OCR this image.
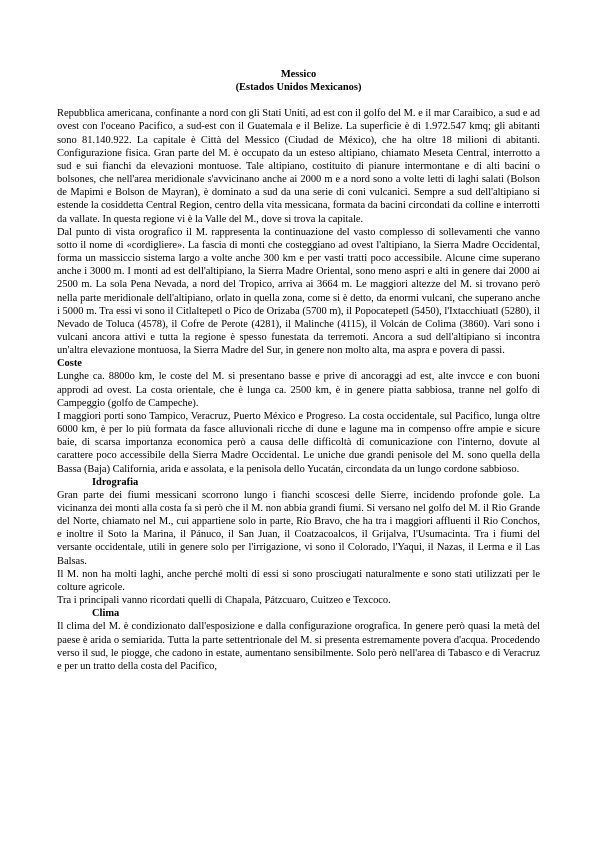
Messico

(Estados Unidos Mexicanos)

Repubblica americana, confinante a nord con gli Stati Uniti, ad est con il golfo del M. e il mar Caraibico, a sud e ad ovest con l'oceano Pacifico, a sud-est con il Guatemala e il Belize. La superficie è di 1.972.547 kmq; gli abitanti sono 81.140.922. La capitale è Città del Messico (Ciudad de México), che ha oltre 18 milioni di abitanti. Configurazione fisica. Gran parte del M. è occupato da un esteso altipiano, chiamato Meseta Central, interrotto a sud e sui fianchi da elevazioni montuose. Tale altipiano, costituito di pianure intermontane e di alti bacini o bolsones, che nell'area meridionale s'avvicinano anche ai 2000 m e a nord sono a volte letti di laghi salati (Bolson de Mapimi e Bolson de Mayran), è dominato a sud da una serie di coni vulcanici. Sempre a sud dell'altipiano si estende la cosiddetta Central Region, centro della vita messicana, formata da bacini circondati da colline e interrotti da vallate. In questa regione vi è la Valle del M., dove si trova la capitale.

Dal punto di vista orografico il M. rappresenta la continuazione del vasto complesso di sollevamenti che vanno sotto il nome di «cordigliere». La fascia di monti che costeggiano ad ovest l'altipiano, la Sierra Madre Occidental, forma un massiccio sistema largo a volte anche 300 km e per vasti tratti poco accessibile. Alcune cime superano anche i 3000 m. I monti ad est dell'altipiano, la Sierra Madre Oriental, sono meno aspri e alti in genere dai 2000 ai 2500 m. La sola Pena Nevada, a nord del Tropico, arriva ai 3664 m. Le maggiori altezze del M. si trovano però nella parte meridionale dell'altipiano, orlato in quella zona, come si è detto, da enormi vulcani, che superano anche i 5000 m. Tra essi vi sono il Citlaltepetl o Pico de Orizaba (5700 m), il Popocatepetl (5450), l'Ixtacchiuatl (5280), il Nevado de Toluca (4578), il Cofre de Perote (4281), il Malinche (4115), il Volcán de Colima (3860). Vari sono i vulcani ancora attivi e tutta la regione è spesso funestata da terremoti. Ancora a sud dell'altipiano si incontra un'altra elevazione montuosa, la Sierra Madre del Sur, in genere non molto alta, ma aspra e povera di passi.

Coste

Lunghe ca. 8800o km, le coste del M. si presentano basse e prive di ancoraggi ad est, alte invcce e con buoni approdi ad ovest. La costa orientale, che è lunga ca. 2500 km, è in genere piatta sabbiosa, tranne nel golfo di Campeggio (golfo de Campeche).

I maggiori porti sono Tampico, Veracruz, Puerto México e Progreso. La costa occidentale, sul Pacifico, lunga oltre 6000 km, è per lo più formata da fasce alluvionali ricche di dune e lagune ma in compenso offre ampie e sicure baie, di scarsa importanza economica però a causa delle difficoltà di comunicazione con l'interno, dovute al carattere poco accessibile della Sierra Madre Occidental. Le uniche due grandi penisole del M. sono quella della Bassa (Baja) California, arida e assolata, e la penisola dello Yucatán, circondata da un lungo cordone sabbioso.

Idrografia

Gran parte dei fiumi messicani scorrono lungo i fianchi scoscesi delle Sierre, incidendo profonde gole. La vicinanza dei monti alla costa fa sì però che il M. non abbia grandi fiumi. Si versano nel golfo del M. il Rio Grande del Norte, chiamato nel M., cui appartiene solo in parte, Río Bravo, che ha tra i maggiori affluenti il Rio Conchos, e inoltre il Soto la Marina, il Pánuco, il San Juan, il Coatzacoalcos, il Grijalva, l'Usumacinta. Tra i fiumi del versante occidentale, utili in genere solo per l'irrigazione, vi sono il Colorado, l'Yaqui, il Nazas, il Lerma e il Las Balsas.

Il M. non ha molti laghi, anche perché molti di essi si sono prosciugati naturalmente e sono stati utilizzati per le colture agricole.

Tra i principali vanno ricordati quelli di Chapala, Pátzcuaro, Cuitzeo e Texcoco.

Clima

Il clima del M. è condizionato dall'esposizione e dalla configurazione orografica. In genere però quasi la metà del paese è arida o semiarida. Tutta la parte settentrionale del M. si presenta estremamente povera d'acqua. Procedendo verso il sud, le piogge, che cadono in estate, aumentano sensibilmente. Solo però nell'area di Tabasco e di Veracruz e per un tratto della costa del Pacifico,
